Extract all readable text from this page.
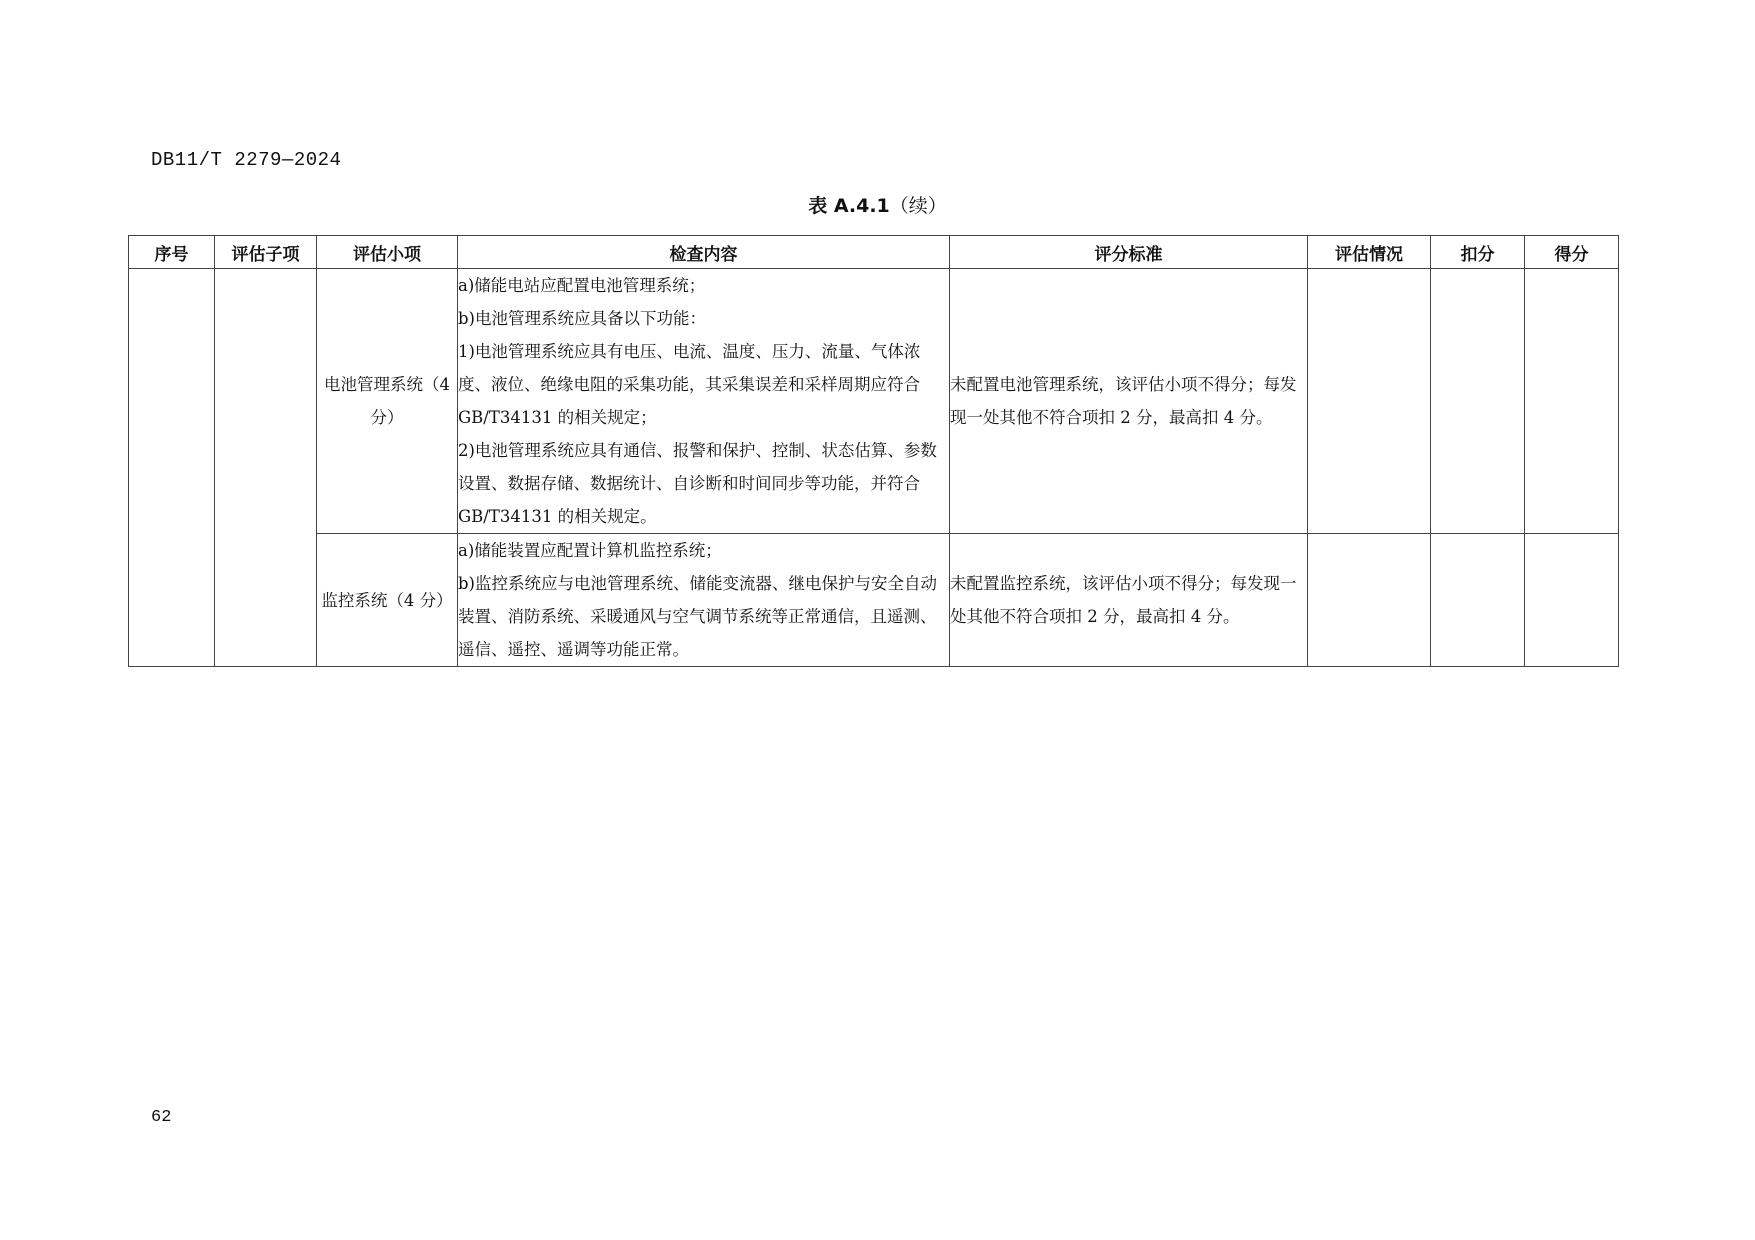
DB11/T 2279—2024
表 A.4.1（续）
序号	评估子项	评估小项	检查内容	评分标准	评估情况	扣分	得分
		电池管理系统（4 分）	a)储能电站应配置电池管理系统；
b)电池管理系统应具备以下功能：
1)电池管理系统应具有电压、电流、温度、压力、流量、气体浓度、液位、绝缘电阻的采集功能，其采集误差和采样周期应符合 GB/T34131 的相关规定；
2)电池管理系统应具有通信、报警和保护、控制、状态估算、参数设置、数据存储、数据统计、自诊断和时间同步等功能，并符合 GB/T34131 的相关规定。	未配置电池管理系统，该评估小项不得分；每发现一处其他不符合项扣 2 分，最高扣 4 分。			
		监控系统（4 分）	a)储能装置应配置计算机监控系统；
b)监控系统应与电池管理系统、储能变流器、继电保护与安全自动装置、消防系统、采暖通风与空气调节系统等正常通信，且遥测、遥信、遥控、遥调等功能正常。	未配置监控系统，该评估小项不得分；每发现一处其他不符合项扣 2 分，最高扣 4 分。			
62
